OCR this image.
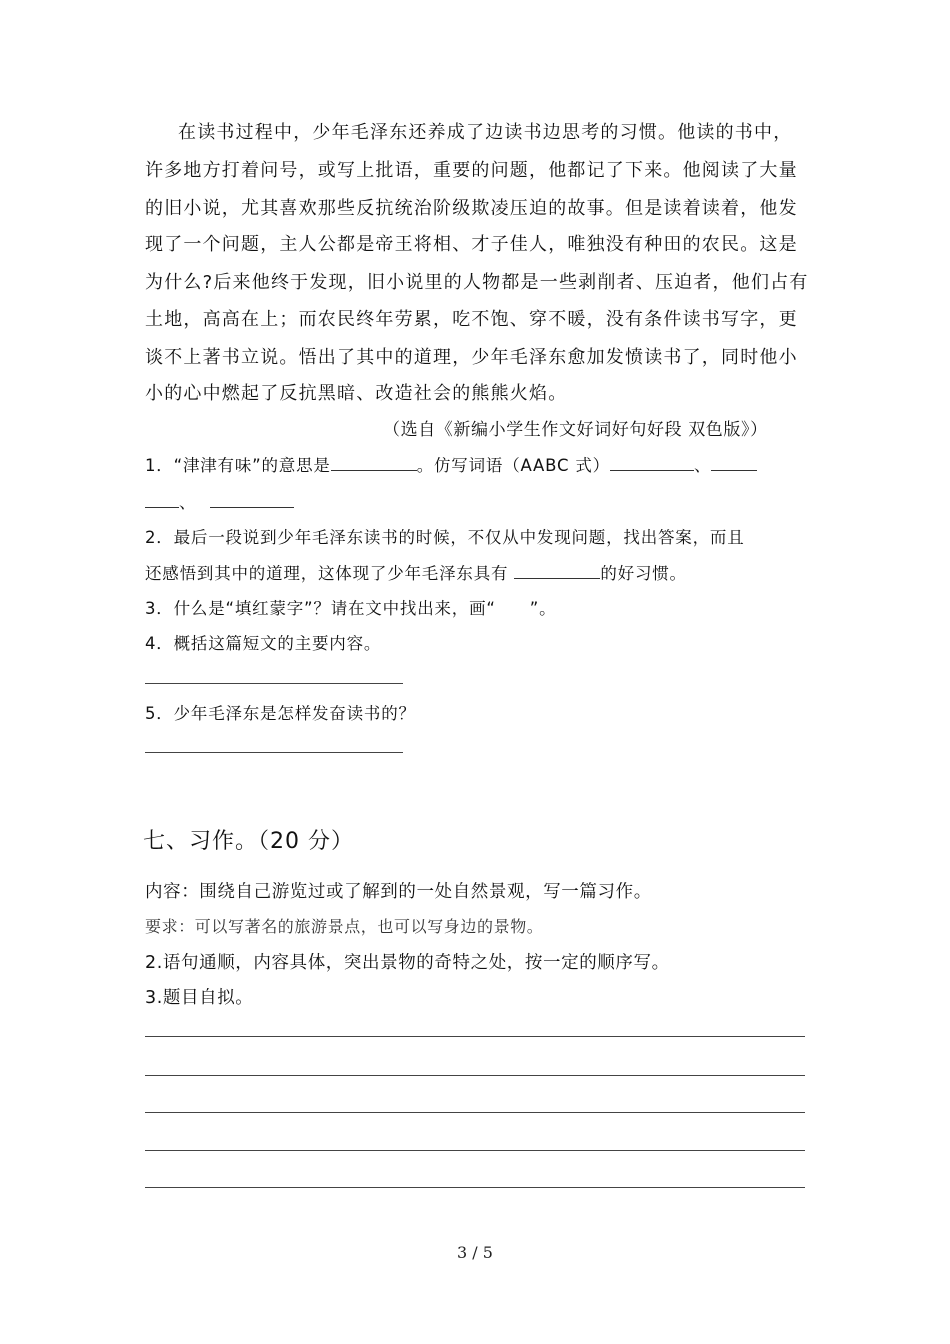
在读书过程中，少年毛泽东还养成了边读书边思考的习惯。他读的书中，
许多地方打着问号，或写上批语，重要的问题，他都记了下来。他阅读了大量
的旧小说，尤其喜欢那些反抗统治阶级欺凌压迫的故事。但是读着读着，他发
现了一个问题，主人公都是帝王将相、才子佳人，唯独没有种田的农民。这是
为什么?后来他终于发现，旧小说里的人物都是一些剥削者、压迫者，他们占有
土地，高高在上；而农民终年劳累，吃不饱、穿不暖，没有条件读书写字，更
谈不上著书立说。悟出了其中的道理，少年毛泽东愈加发愤读书了，同时他小
小的心中燃起了反抗黑暗、改造社会的熊熊火焰。
（选自《新编小学生作文好词好句好段 双色版》）
1．“津津有味”的意思是	。仿写词语（AABC 式）	、
、
2．最后一段说到少年毛泽东读书的时候，不仅从中发现问题，找出答案，而且
还感悟到其中的道理，这体现了少年毛泽东具有	的好习惯。
3．什么是“填红蒙字”？请在文中找出来，画“ ”。
4．概括这篇短文的主要内容。
5．少年毛泽东是怎样发奋读书的？
七、习作。（20 分）
内容：围绕自己游览过或了解到的一处自然景观，写一篇习作。
要求：可以写著名的旅游景点，也可以写身边的景物。
2.语句通顺，内容具体，突出景物的奇特之处，按一定的顺序写。
3.题目自拟。
3 / 5
